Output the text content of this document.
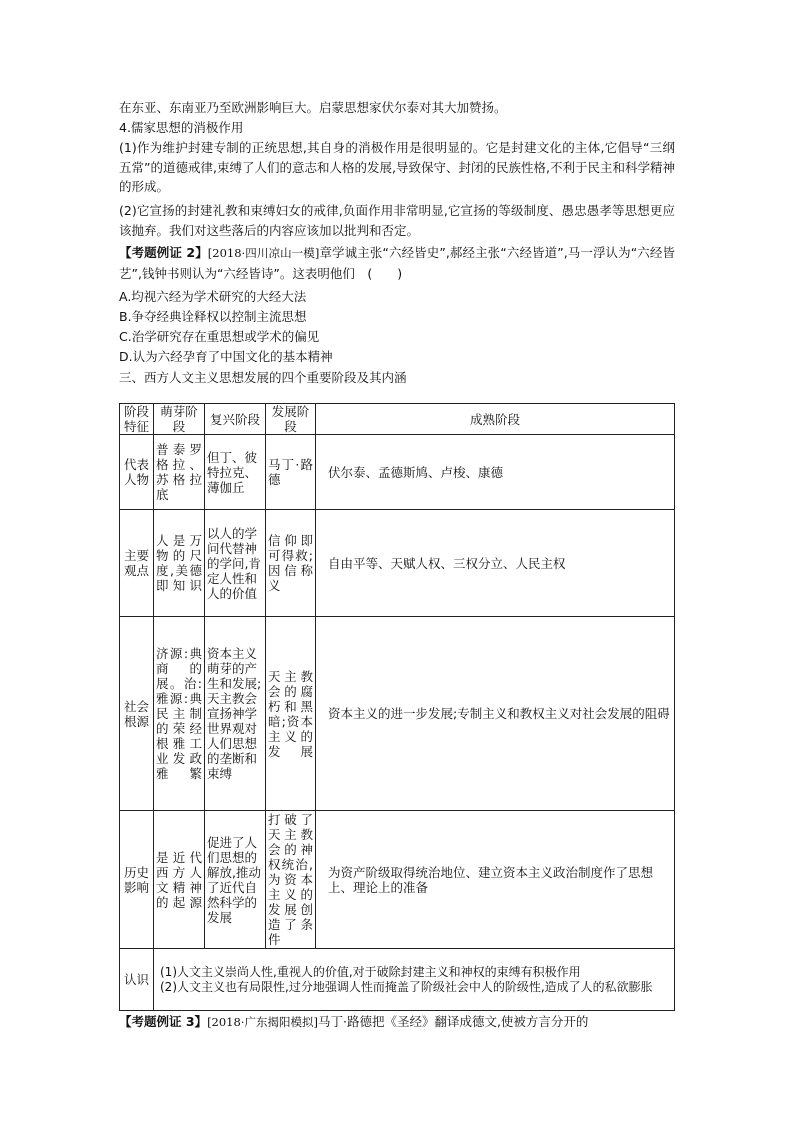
在东亚、东南亚乃至欧洲影响巨大。启蒙思想家伏尔泰对其大加赞扬。
4.儒家思想的消极作用
(1)作为维护封建专制的正统思想,其自身的消极作用是很明显的。它是封建文化的主体,它倡导“三纲五常”的道德戒律,束缚了人们的意志和人格的发展,导致保守、封闭的民族性格,不利于民主和科学精神的形成。
(2)它宣扬的封建礼教和束缚妇女的戒律,负面作用非常明显,它宣扬的等级制度、愚忠愚孝等思想更应该抛弃。我们对这些落后的内容应该加以批判和否定。
【考题例证 2】[2018·四川凉山一模]章学诚主张“六经皆史”,郝经主张“六经皆道”,马一浮认为“六经皆艺”,钱钟书则认为“六经皆诗”。这表明他们　(　　)
A.均视六经为学术研究的大经大法
B.争夺经典诠释权以控制主流思想
C.治学研究存在重思想或学术的偏见
D.认为六经孕育了中国文化的基本精神
三、西方人文主义思想发展的四个重要阶段及其内涵
阶段特征	萌芽阶段	复兴阶段	发展阶段	成熟阶段
代表人物	普泰罗格拉、苏格拉底	但丁、彼特拉克、薄伽丘	马丁·路德	伏尔泰、孟德斯鸠、卢梭、康德
主要观点	人是万物的尺度,美德即知识	以人的学问代替神的学问,肯定人性和人的价值	信仰即可得救;因信称义	自由平等、天赋人权、三权分立、人民主权
社会根源	济源:典商的展。治:雅源:典民主制的荣经根雅工业发政雅繁	资本主义萌芽的产生和发展;天主教会宣扬神学世界观对人们思想的垄断和束缚	天主教会的腐朽和黑暗;资本主义的发展	资本主义的进一步发展;专制主义和教权主义对社会发展的阻碍
历史影响	是近代西方人文精神的起源	促进了人们思想的解放,推动了近代自然科学的发展	打破了天主教会的神权统治,为资本主义的发展创造了条件	为资产阶级取得统治地位、建立资本主义政治制度作了思想上、理论上的准备
认识	(1)人文主义崇尚人性,重视人的价值,对于破除封建主义和神权的束缚有积极作用
(2)人文主义也有局限性,过分地强调人性而掩盖了阶级社会中人的阶级性,造成了人的私欲膨胀			
【考题例证 3】[2018·广东揭阳模拟]马丁·路德把《圣经》翻译成德文,使被方言分开的
